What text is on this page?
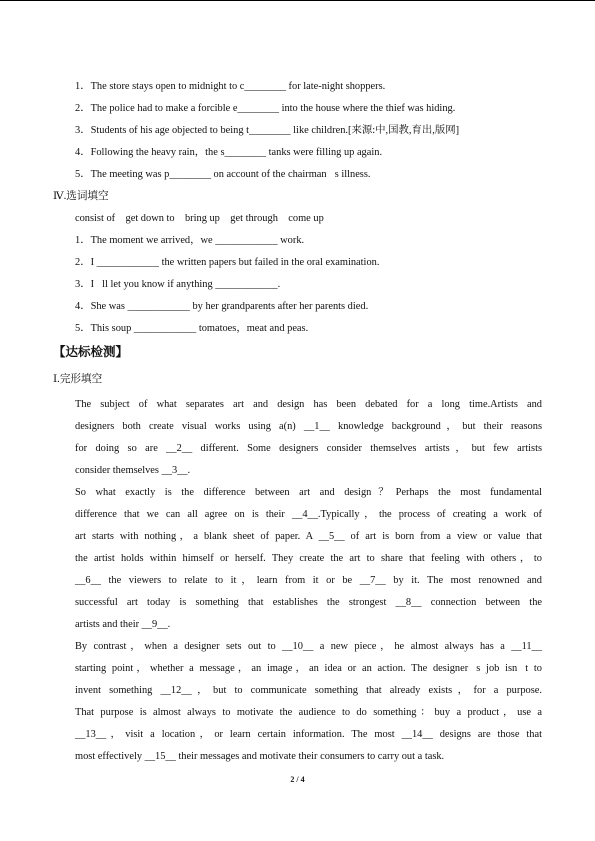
1．The store stays open to midnight to c________ for late-night shoppers.
2．The police had to make a forcible e________ into the house where the thief was hiding.
3．Students of his age objected to being t________ like children.[来源:中,国教,育出,版网]
4．Following the heavy rain，the s________ tanks were filling up again.
5．The meeting was p________ on account of the chairman s illness.
Ⅳ.选词填空
consist of    get down to    bring up    get through    come up
1．The moment we arrived，we ____________ work.
2．I ____________ the written papers but failed in the oral examination.
3．I ll let you know if anything ____________.
4．She was ____________ by her grandparents after her parents died.
5．This soup ____________ tomatoes，meat and peas.
【达标检测】
Ⅰ.完形填空
The subject of what separates art and design has been debated for a long time.Artists and
designers both create visual works using a(n) __1__ knowledge background，but their reasons
for doing so are __2__ different. Some designers consider themselves artists，but few artists
consider themselves __3__.
So what exactly is the difference between art and design？Perhaps the most fundamental
difference that we can all agree on is their __4__.Typically，the process of creating a work of
art starts with nothing，a blank sheet of paper. A __5__ of art is born from a view or value that
the artist holds within himself or herself. They create the art to share that feeling with others，to
__6__ the viewers to relate to it，learn from it or be __7__ by it. The most renowned and
successful art today is something that establishes the strongest __8__ connection between the
artists and their __9__.
By contrast，when a designer sets out to __10__ a new piece，he almost always has a __11__
starting point，whether a message，an image，an idea or an action. The designer s job isn t to
invent something __12__，but to communicate something that already exists，for a purpose.
That purpose is almost always to motivate the audience to do something：buy a product，use a
__13__，visit a location，or learn certain information. The most __14__ designs are those that
most effectively __15__ their messages and motivate their consumers to carry out a task.
2 / 4
